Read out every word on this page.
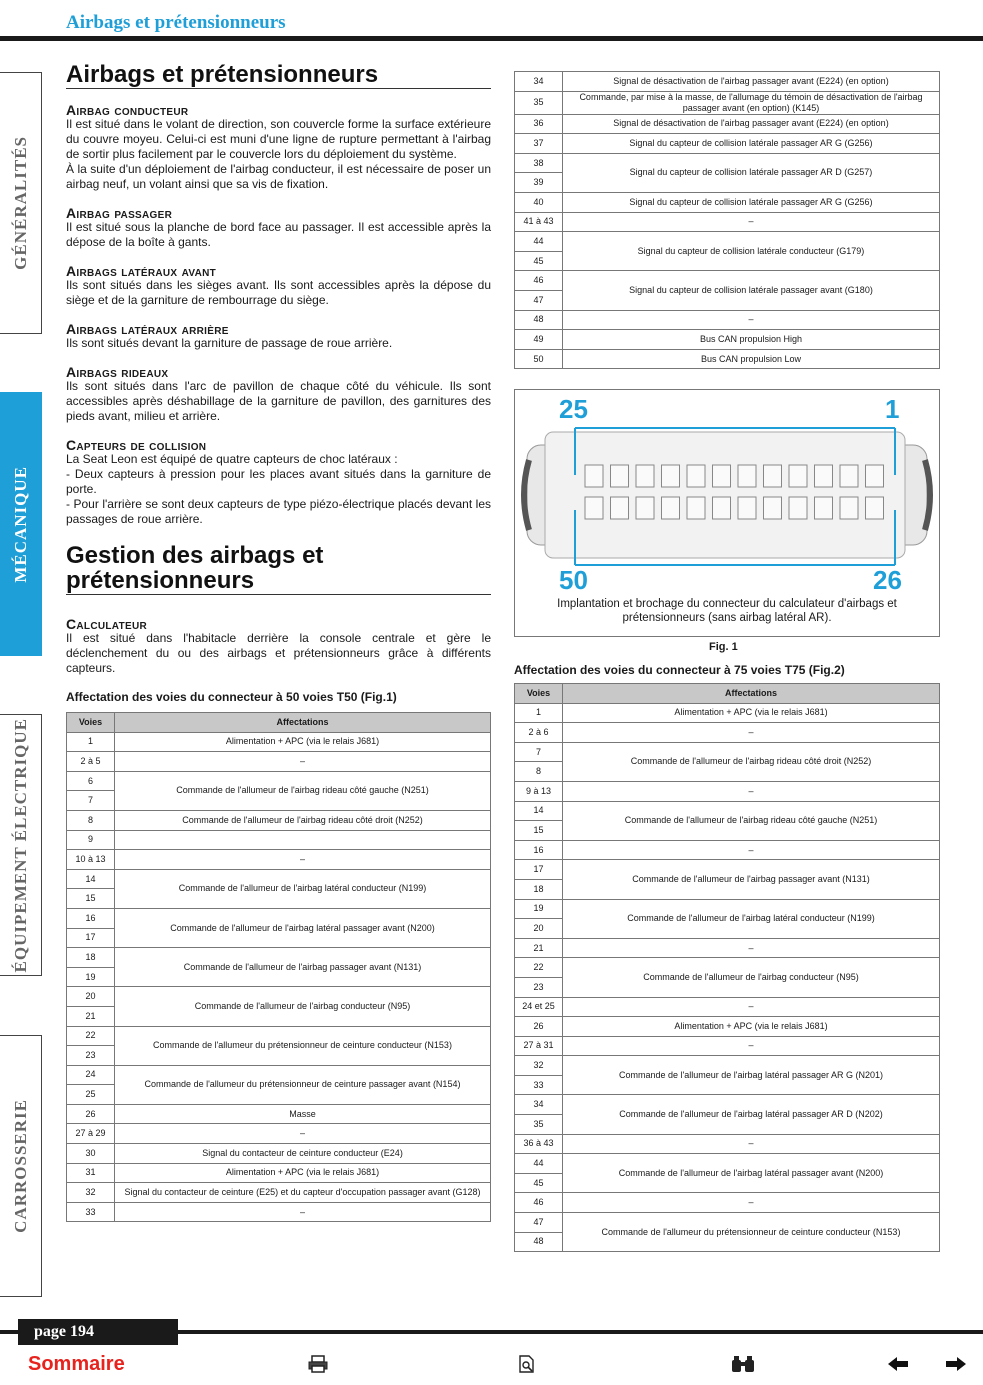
Airbags et prétensionneurs
GÉNÉRALITÉS
MÉCANIQUE
ÉQUIPEMENT ÉLECTRIQUE
CARROSSERIE
Airbags et prétensionneurs
Airbag conducteur

Il est situé dans le volant de direction, son couvercle forme la surface extérieure du couvre moyeu. Celui-ci est muni d'une ligne de rupture permettant à l'airbag de sortir plus facilement par le couvercle lors du déploiement du système.
À la suite d'un déploiement de l'airbag conducteur, il est nécessaire de poser un airbag neuf, un volant ainsi que sa vis de fixation.

Airbag passager

Il est situé sous la planche de bord face au passager. Il est accessible après la dépose de la boîte à gants.

Airbags latéraux avant

Ils sont situés dans les sièges avant. Ils sont accessibles après la dépose du siège et de la garniture de rembourrage du siège.

Airbags latéraux arrière

Ils sont situés devant la garniture de passage de roue arrière.

Airbags rideaux

Ils sont situés dans l'arc de pavillon de chaque côté du véhicule. Ils sont accessibles après déshabillage de la garniture de pavillon, des garnitures des pieds avant, milieu et arrière.

Capteurs de collision

La Seat Leon est équipé de quatre capteurs de choc latéraux :
- Deux capteurs à pression pour les places avant situés dans la garniture de porte.
- Pour l'arrière se sont deux capteurs de type piézo-électrique placés devant les passages de roue arrière.

Gestion des airbags et prétensionneurs
Calculateur

Il est situé dans l'habitacle derrière la console centrale et gère le déclenchement du ou des airbags et prétensionneurs grâce à différents capteurs.

Affectation des voies du connecteur à 50 voies T50 (Fig.1)
Voies	Affectations
1	Alimentation + APC (via le relais J681)
2 à 5	–
6	Commande de l'allumeur de l'airbag rideau côté gauche (N251)
7	
8	Commande de l'allumeur de l'airbag rideau côté droit (N252)
9	
10 à 13	–
14	Commande de l'allumeur de l'airbag latéral conducteur (N199)
15	
16	Commande de l'allumeur de l'airbag latéral passager avant (N200)
17	
18	Commande de l'allumeur de l'airbag passager avant (N131)
19	
20	Commande de l'allumeur de l'airbag conducteur (N95)
21	
22	Commande de l'allumeur du prétensionneur de ceinture conducteur (N153)
23	
24	Commande de l'allumeur du prétensionneur de ceinture passager avant (N154)
25	
26	Masse
27 à 29	–
30	Signal du contacteur de ceinture conducteur (E24)
31	Alimentation + APC (via le relais J681)
32	Signal du contacteur de ceinture (E25) et du capteur d'occupation passager avant (G128)
33	–
34	Signal de désactivation de l'airbag passager avant (E224) (en option)
35	Commande, par mise à la masse, de l'allumage du témoin de désactivation de l'airbag passager avant (en option) (K145)
36	Signal de désactivation de l'airbag passager avant (E224) (en option)
37	Signal du capteur de collision latérale passager AR G (G256)
38	Signal du capteur de collision latérale passager AR D (G257)
39	
40	Signal du capteur de collision latérale passager AR G (G256)
41 à 43	–
44	Signal du capteur de collision latérale conducteur (G179)
45	
46	Signal du capteur de collision latérale passager avant (G180)
47	
48	–
49	Bus CAN propulsion High
50	Bus CAN propulsion Low
25	1
50	26
Implantation et brochage du connecteur du calculateur d'airbags et prétensionneurs (sans airbag latéral AR).
Fig. 1
Affectation des voies du connecteur à 75 voies T75 (Fig.2)
Voies	Affectations
1	Alimentation + APC (via le relais J681)
2 à 6	–
7	Commande de l'allumeur de l'airbag rideau côté droit (N252)
8	
9 à 13	–
14	Commande de l'allumeur de l'airbag rideau côté gauche (N251)
15	
16	–
17	Commande de l'allumeur de l'airbag passager avant (N131)
18	
19	Commande de l'allumeur de l'airbag latéral conducteur (N199)
20	
21	–
22	Commande de l'allumeur de l'airbag conducteur (N95)
23	
24 et 25	–
26	Alimentation + APC (via le relais J681)
27 à 31	–
32	Commande de l'allumeur de l'airbag latéral passager AR G (N201)
33	
34	Commande de l'allumeur de l'airbag latéral passager AR D (N202)
35	
36 à 43	–
44	Commande de l'allumeur de l'airbag latéral passager avant (N200)
45	
46	–
47	Commande de l'allumeur du prétensionneur de ceinture conducteur (N153)
48	
page 194
Sommaire
